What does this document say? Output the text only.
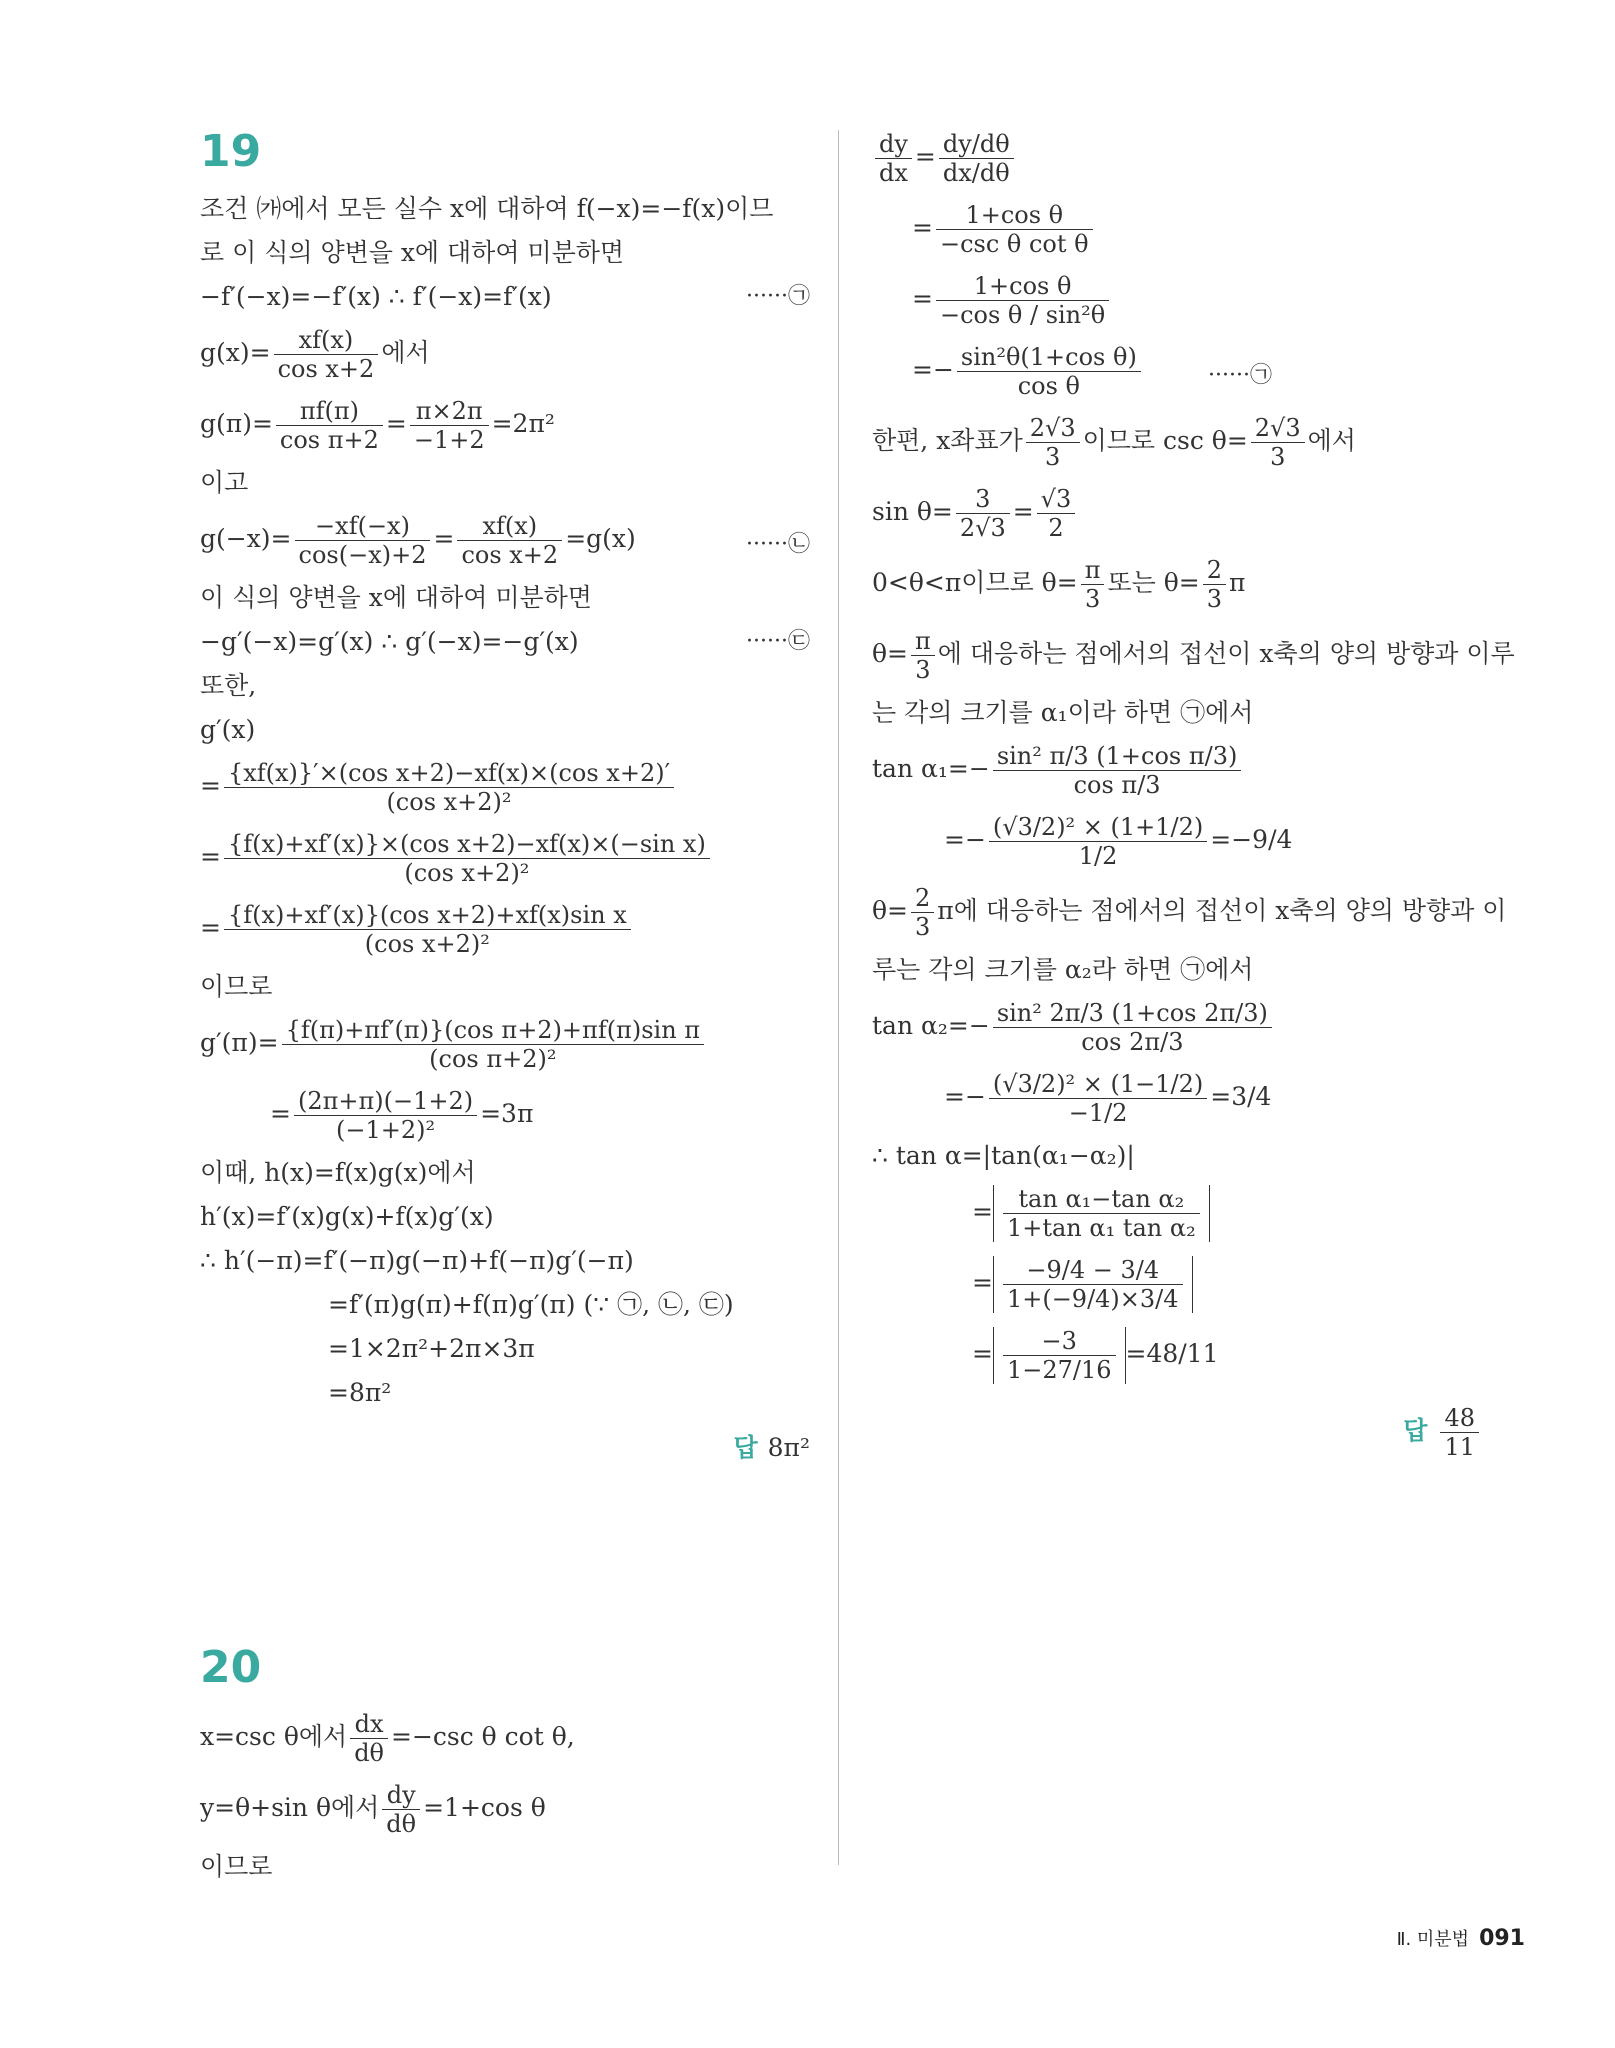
19
조건 ㈎에서 모든 실수 x에 대하여 f(−x)=−f(x)이므
로 이 식의 양변을 x에 대하여 미분하면
−f′(−x)=−f′(x) ∴ f′(−x)=f′(x)	······㉠
$g(x)= \frac{xf(x)}{\text{cos x+2}}$ 에서
$g(\pi)= \frac{\pi f(\pi)}{\text{cos π+2}} = \frac{\pi\times 2\pi}{-1+2} =2\pi^2$
이고
$g(-x)= \frac{-xf(-x)}{\cos(-x)+2} = \frac{xf(x)}{\text{cos x+2}} =g(x)$	······㉡
이 식의 양변을 x에 대하여 미분하면
−g′(−x)=g′(x) ∴ g′(−x)=−g′(x)	······㉢
또한,
g′(x)
= $\frac{\text{\{xf(x)\}′×(cos x+2)−xf(x)×(cos x+2)′}}{\text{(cos x+2)²}}$
= $\frac{\text{\{f(x)+xf′(x)\}×(cos x+2)−xf(x)×(−sin x)}}{\text{(cos x+2)²}}$
= $\frac{\text{\{f(x)+xf′(x)\}(cos x+2)+xf(x)sin x}}{\text{(cos x+2)²}}$
이므로
$g'(\pi)= \frac{\text{\{f(π)+πf′(π)\}(cos π+2)+πf(π)sin π}}{\text{(cos π+2)²}}$
= $\frac{(2\pi+\pi)(-1+2)}{\text{(−1+2)²}} =3\pi$
이때, h(x)=f(x)g(x)에서
h′(x)=f′(x)g(x)+f(x)g′(x)
∴ h′(−π)=f′(−π)g(−π)+f(−π)g′(−π)
=f′(π)g(π)+f(π)g′(π) (∵ ㉠, ㉡, ㉢)
=1×2π²+2π×3π
=8π²
답 8π²
20
x=csc θ에서 $\frac{dx}{d\theta} =-\csc$ θ cot θ,
y=θ+sin θ에서 $\frac{dy}{d\theta} =1+\cos$ θ
이므로
$\frac{dy}{dx} = \frac{dy/d\theta}{dx/d\theta}$
= $\frac{\text{1+cos θ}}{\text{−csc θ cot θ}}$
= $\frac{\text{1+cos θ}}{\text{−cos θ / sin²θ}}$
=− $\frac{\text{sin²θ(1+cos θ)}}{\text{cos θ}}$	······㉠
한편, x좌표가 $\frac{2√3}{3}$ 이므로 $\csc \theta= \frac{2√3}{3}$ 에서
$\sin \theta= \frac{3}{2√3} = \frac{√3}{2}$
0<θ<π이므로 $\theta= \frac{\pi}{3}$ 또는 $\theta= \frac{2}{3}$ π
$\theta= \frac{\pi}{3}$ 에 대응하는 점에서의 접선이 x축의 양의 방향과 이루
는 각의 크기를 α₁이라 하면 ㉠에서
$\tan \alpha_1=- \frac{\text{sin² π/3 (1+cos π/3)}}{\text{cos π/3}}$
=− $\frac{\text{(√3/2)² × (1+1/2)}}{1/2} =-9/4$
$\theta= \frac{2}{3}$ π에 대응하는 점에서의 접선이 x축의 양의 방향과 이
루는 각의 크기를 α₂라 하면 ㉠에서
$\tan \alpha_2=- \frac{\text{sin² 2π/3 (1+cos 2π/3)}}{\cos 2\pi/3}$
=− $\frac{\text{(√3/2)² × (1−1/2)}}{-1/2} =3/4$
∴ tan α=|tan(α₁−α₂)|
= $\frac{\text{tan α₁−tan α₂}}{\text{1+tan α₁ tan α₂}}$
= $\frac{-9/4 - 3/4}{1+(-9/4)\times 3/4}$
= $\frac{-3}{1-27/16} =48/11$
답 $\frac{48}{11}$
Ⅱ. 미분법 091
